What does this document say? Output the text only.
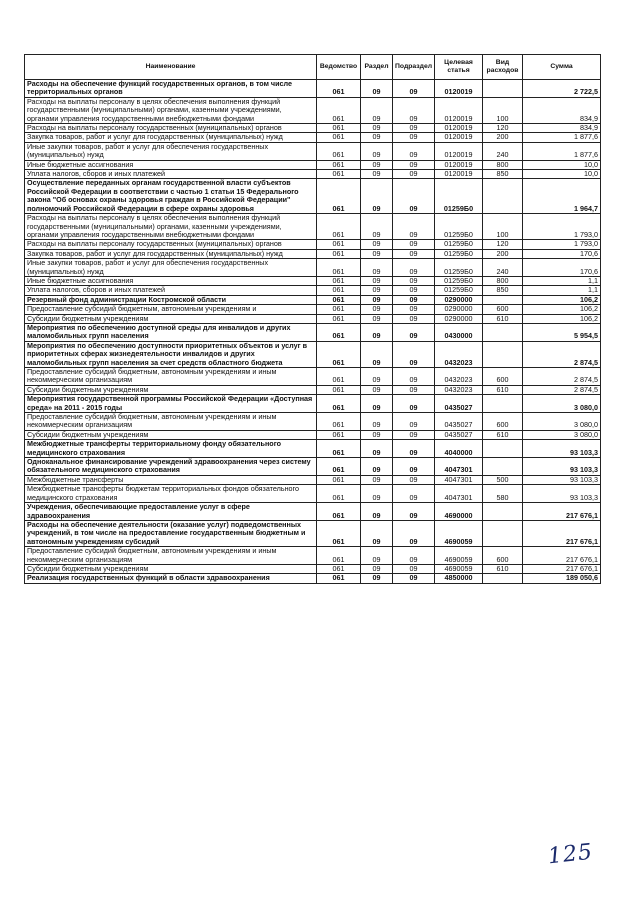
Наименование	Ведомство	Раздел	Подраздел	Целевая статья	Вид расходов	Сумма
Расходы на обеспечение функций государственных органов, в том числе территориальных органов	061	09	09	0120019		2 722,5
Расходы на выплаты персоналу в целях обеспечения выполнения функций государственными (муниципальными) органами, казенными учреждениями, органами управления государственными внебюджетными фондами	061	09	09	0120019	100	834,9
Расходы на выплаты персоналу государственных (муниципальных) органов	061	09	09	0120019	120	834,9
Закупка товаров, работ и услуг для государственных (муниципальных) нужд	061	09	09	0120019	200	1 877,6
Иные закупки товаров, работ и услуг для обеспечения государственных (муниципальных) нужд	061	09	09	0120019	240	1 877,6
Иные бюджетные ассигнования	061	09	09	0120019	800	10,0
Уплата налогов, сборов и иных платежей	061	09	09	0120019	850	10,0
Осуществление переданных органам государственной власти субъектов Российской Федерации в соответствии с частью 1 статьи 15 Федерального закона "Об основах охраны здоровья граждан в Российской Федерации" полномочий Российской Федерации в сфере охраны здоровья	061	09	09	01259Б0		1 964,7
Расходы на выплаты персоналу в целях обеспечения выполнения функций государственными (муниципальными) органами, казенными учреждениями, органами управления государственными внебюджетными фондами	061	09	09	01259Б0	100	1 793,0
Расходы на выплаты персоналу государственных (муниципальных) органов	061	09	09	01259Б0	120	1 793,0
Закупка товаров, работ и услуг для государственных (муниципальных) нужд	061	09	09	01259Б0	200	170,6
Иные закупки товаров, работ и услуг для обеспечения государственных (муниципальных) нужд	061	09	09	01259Б0	240	170,6
Иные бюджетные ассигнования	061	09	09	01259Б0	800	1,1
Уплата налогов, сборов и иных платежей	061	09	09	01259Б0	850	1,1
Резервный фонд администрации Костромской области	061	09	09	0290000		106,2
Предоставление субсидий бюджетным, автономным учреждениям и	061	09	09	0290000	600	106,2
Субсидии бюджетным учреждениям	061	09	09	0290000	610	106,2
Мероприятия по обеспечению доступной среды для инвалидов и других маломобильных групп населения	061	09	09	0430000		5 954,5
Мероприятия по обеспечению доступности приоритетных объектов и услуг в приоритетных сферах жизнедеятельности инвалидов и других маломобильных групп населения за счет средств областного бюджета	061	09	09	0432023		2 874,5
Предоставление субсидий бюджетным, автономным учреждениям и иным некоммерческим организациям	061	09	09	0432023	600	2 874,5
Субсидии бюджетным учреждениям	061	09	09	0432023	610	2 874,5
Мероприятия государственной программы Российской Федерации «Доступная среда» на 2011 - 2015 годы	061	09	09	0435027		3 080,0
Предоставление субсидий бюджетным, автономным учреждениям и иным некоммерческим организациям	061	09	09	0435027	600	3 080,0
Субсидии бюджетным учреждениям	061	09	09	0435027	610	3 080,0
Межбюджетные трансферты территориальному фонду обязательного медицинского страхования	061	09	09	4040000		93 103,3
Одноканальное финансирование учреждений здравоохранения через систему обязательного медицинского страхования	061	09	09	4047301		93 103,3
Межбюджетные трансферты	061	09	09	4047301	500	93 103,3
Межбюджетные трансферты бюджетам территориальных фондов обязательного медицинского страхования	061	09	09	4047301	580	93 103,3
Учреждения, обеспечивающие предоставление услуг в сфере здравоохранения	061	09	09	4690000		217 676,1
Расходы на обеспечение деятельности (оказание услуг) подведомственных учреждений, в том числе на предоставление государственным бюджетным и автономным учреждениям субсидий	061	09	09	4690059		217 676,1
Предоставление субсидий бюджетным, автономным учреждениям и иным некоммерческим организациям	061	09	09	4690059	600	217 676,1
Субсидии бюджетным учреждениям	061	09	09	4690059	610	217 676,1
Реализация государственных функций в области здравоохранения	061	09	09	4850000		189 050,6
125
